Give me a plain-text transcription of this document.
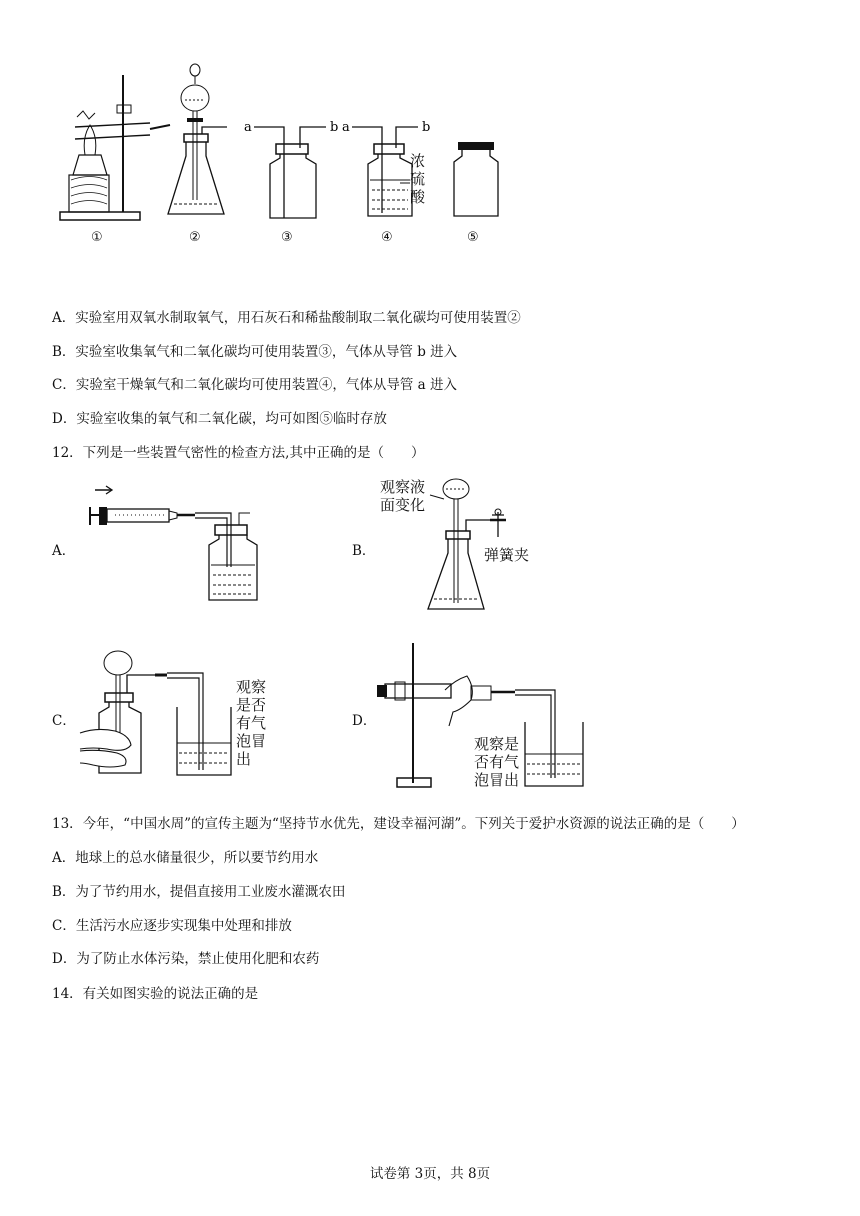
a	b a	b
浓
硫
酸
①	②	③	④	⑤
A．实验室用双氧水制取氧气，用石灰石和稀盐酸制取二氧化碳均可使用装置②
B．实验室收集氧气和二氧化碳均可使用装置③，气体从导管 b 进入
C．实验室干燥氧气和二氧化碳均可使用装置④，气体从导管 a 进入
D．实验室收集的氧气和二氧化碳，均可如图⑤临时存放
12．下列是一些装置气密性的检查方法,其中正确的是（　　）
A．	B．
观察液
面变化
弹簧夹
C．
观察
是否
有气
泡冒
出
D．
观察是
否有气
泡冒出
13．今年，“中国水周”的宣传主题为“坚持节水优先，建设幸福河湖”。下列关于爱护水资源的说法正确的是（　　）
A．地球上的总水储量很少，所以要节约用水
B．为了节约用水，提倡直接用工业废水灌溉农田
C．生活污水应逐步实现集中处理和排放
D．为了防止水体污染，禁止使用化肥和农药
14．有关如图实验的说法正确的是
试卷第 3页，共 8页
